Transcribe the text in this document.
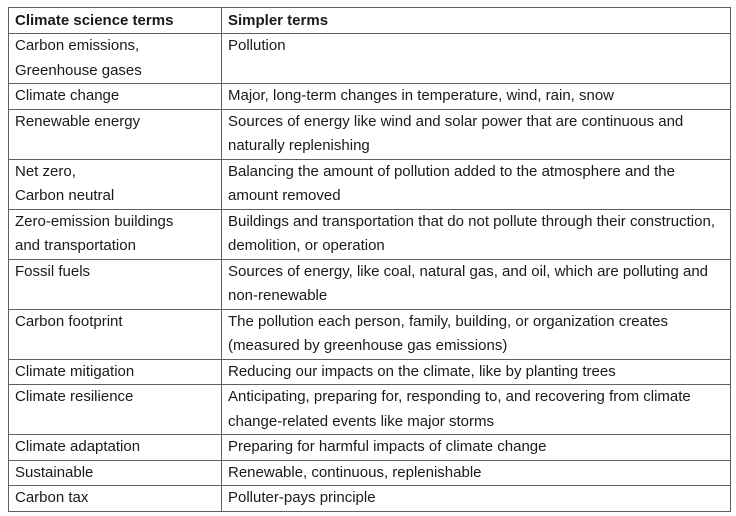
Climate science terms	Simpler terms

Carbon emissions,
Greenhouse gases	Pollution

Climate change	Major, long-term changes in temperature, wind, rain, snow

Renewable energy	Sources of energy like wind and solar power that are continuous and naturally replenishing

Net zero,
Carbon neutral	Balancing the amount of pollution added to the atmosphere and the amount removed

Zero-emission buildings
and transportation	Buildings and transportation that do not pollute through their construction, demolition, or operation

Fossil fuels	Sources of energy, like coal, natural gas, and oil, which are polluting and non-renewable

Carbon footprint	The pollution each person, family, building, or organization creates (measured by greenhouse gas emissions)

Climate mitigation	Reducing our impacts on the climate, like by planting trees

Climate resilience	Anticipating, preparing for, responding to, and recovering from climate change-related events like major storms

Climate adaptation	Preparing for harmful impacts of climate change

Sustainable	Renewable, continuous, replenishable

Carbon tax	Polluter-pays principle
